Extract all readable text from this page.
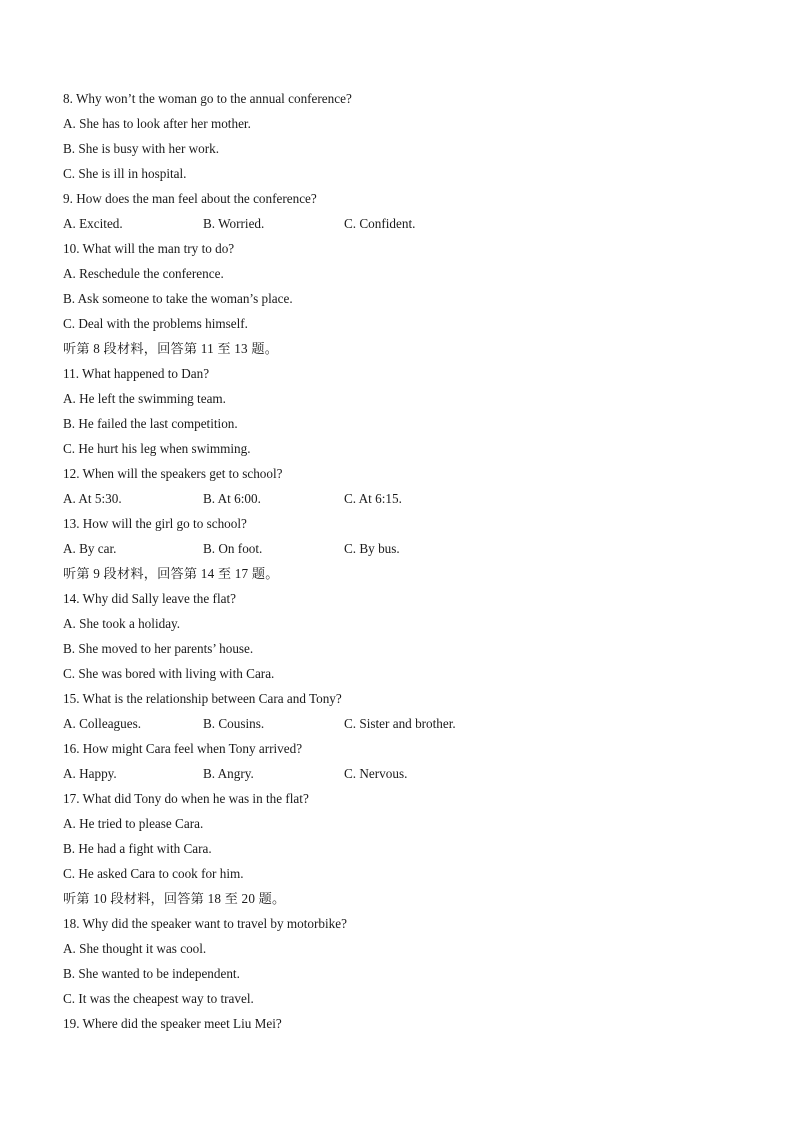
8. Why won’t the woman go to the annual conference?
A. She has to look after her mother.
B. She is busy with her work.
C. She is ill in hospital.
9. How does the man feel about the conference?
A. Excited.	B. Worried.	C. Confident.
10. What will the man try to do?
A. Reschedule the conference.
B. Ask someone to take the woman’s place.
C. Deal with the problems himself.
听第 8 段材料，回答第 11 至 13 题。
11. What happened to Dan?
A. He left the swimming team.
B. He failed the last competition.
C. He hurt his leg when swimming.
12. When will the speakers get to school?
A. At 5:30.	B. At 6:00.	C. At 6:15.
13. How will the girl go to school?
A. By car.	B. On foot.	C. By bus.
听第 9 段材料，回答第 14 至 17 题。
14. Why did Sally leave the flat?
A. She took a holiday.
B. She moved to her parents’ house.
C. She was bored with living with Cara.
15. What is the relationship between Cara and Tony?
A. Colleagues.	B. Cousins.	C. Sister and brother.
16. How might Cara feel when Tony arrived?
A. Happy.	B. Angry.	C. Nervous.
17. What did Tony do when he was in the flat?
A. He tried to please Cara.
B. He had a fight with Cara.
C. He asked Cara to cook for him.
听第 10 段材料，回答第 18 至 20 题。
18. Why did the speaker want to travel by motorbike?
A. She thought it was cool.
B. She wanted to be independent.
C. It was the cheapest way to travel.
19. Where did the speaker meet Liu Mei?
